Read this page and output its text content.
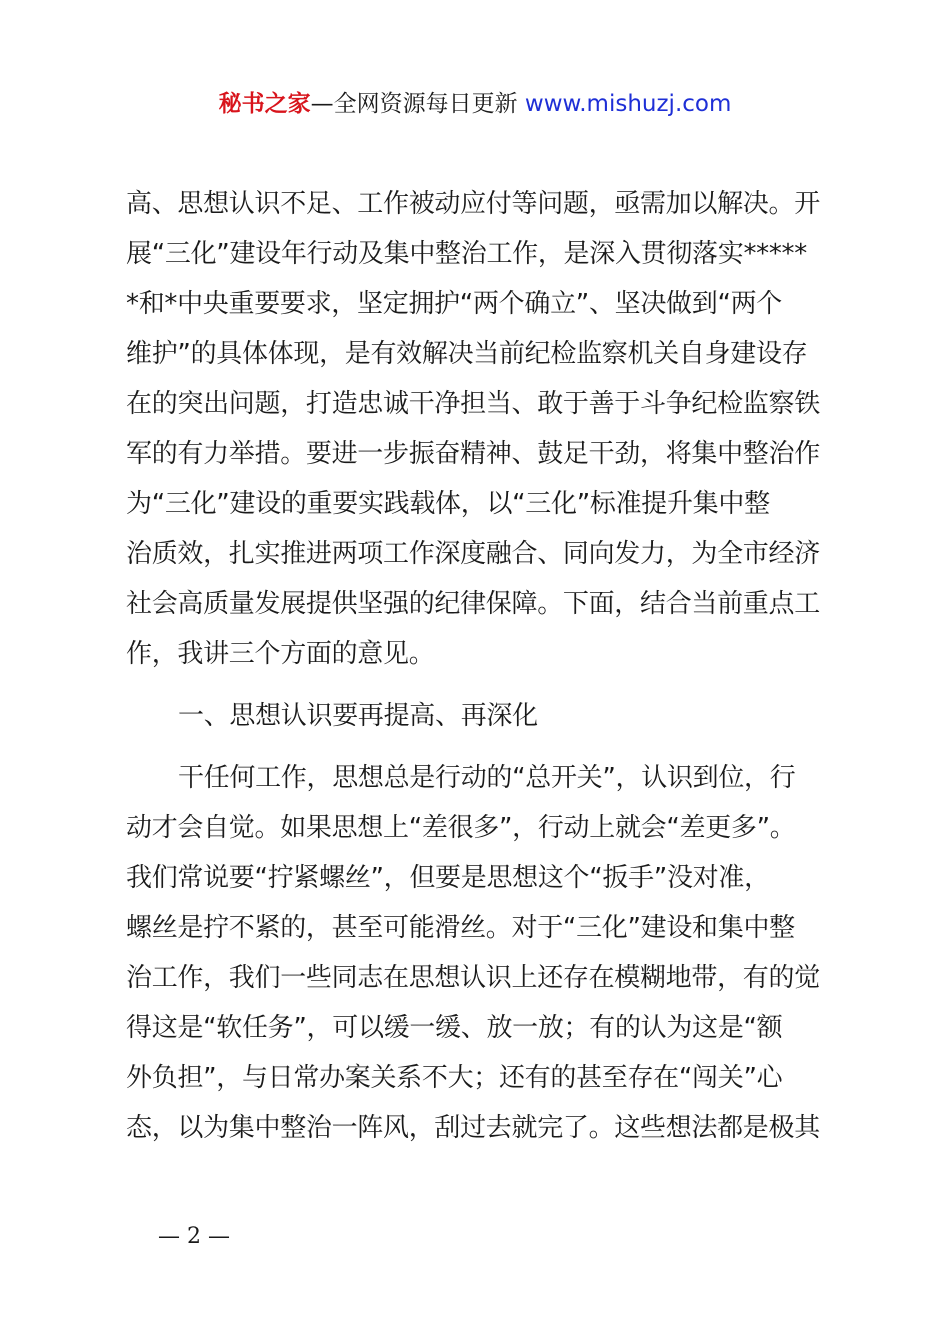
秘书之家—全网资源每日更新 www.mishuzj.com
高、思想认识不足、工作被动应付等问题，亟需加以解决。开
展“三化”建设年行动及集中整治工作，是深入贯彻落实*****
*和*中央重要要求，坚定拥护“两个确立”、坚决做到“两个
维护”的具体体现，是有效解决当前纪检监察机关自身建设存
在的突出问题，打造忠诚干净担当、敢于善于斗争纪检监察铁
军的有力举措。要进一步振奋精神、鼓足干劲，将集中整治作
为“三化”建设的重要实践载体，以“三化”标准提升集中整
治质效，扎实推进两项工作深度融合、同向发力，为全市经济
社会高质量发展提供坚强的纪律保障。下面，结合当前重点工
作，我讲三个方面的意见。
一、思想认识要再提高、再深化
干任何工作，思想总是行动的“总开关”，认识到位，行
动才会自觉。如果思想上“差很多”，行动上就会“差更多”。
我们常说要“拧紧螺丝”，但要是思想这个“扳手”没对准，
螺丝是拧不紧的，甚至可能滑丝。对于“三化”建设和集中整
治工作，我们一些同志在思想认识上还存在模糊地带，有的觉
得这是“软任务”，可以缓一缓、放一放；有的认为这是“额
外负担”，与日常办案关系不大；还有的甚至存在“闯关”心
态，以为集中整治一阵风，刮过去就完了。这些想法都是极其
— 2 —
